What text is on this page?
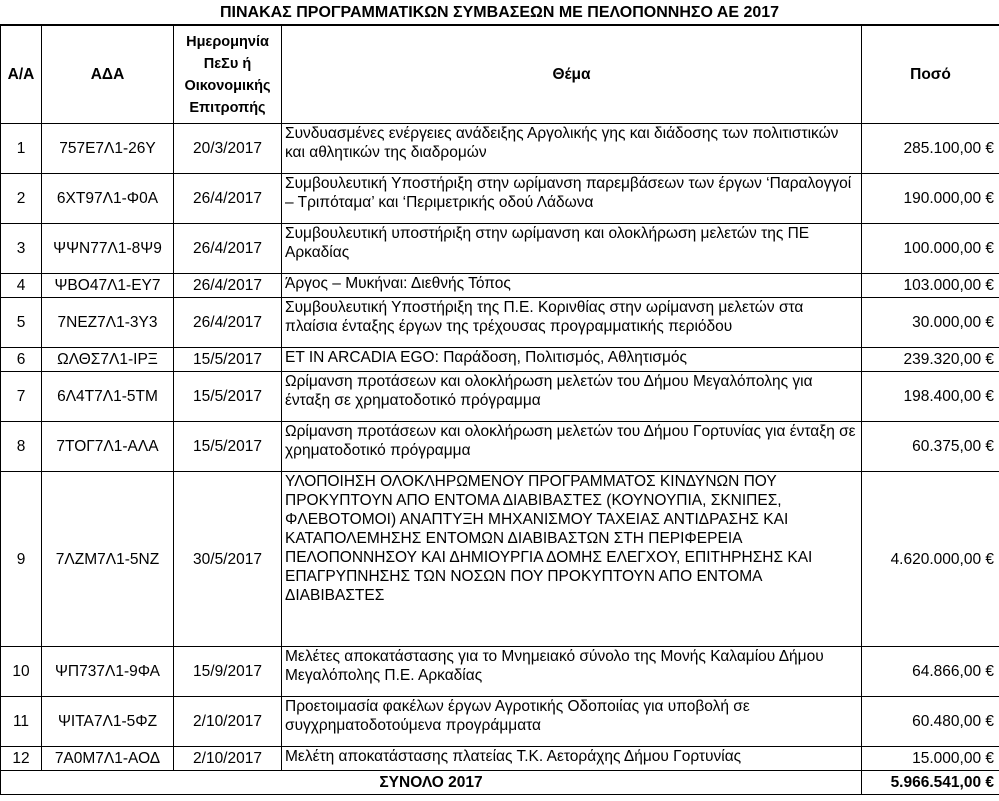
ΠΙΝΑΚΑΣ ΠΡΟΓΡΑΜΜΑΤΙΚΩΝ ΣΥΜΒΑΣΕΩΝ ΜΕ ΠΕΛΟΠΟΝΝΗΣΟ ΑΕ 2017
Α/Α	ΑΔΑ	Ημερομηνία
ΠεΣυ ή
Οικονομικής
Επιτροπής	Θέμα	Ποσό
1	757Ε7Λ1-26Υ	20/3/2017	Συνδυασμένες ενέργειες ανάδειξης Αργολικής γης και διάδοσης των πολιτιστικών και αθλητικών της διαδρομών	285.100,00 €
2	6ΧΤ97Λ1-Φ0Α	26/4/2017	Συμβουλευτική Υποστήριξη στην ωρίμανση παρεμβάσεων των έργων ‘Παραλογγοί – Τριπόταμα’ και ‘Περιμετρικής οδού Λάδωνα	190.000,00 €
3	ΨΨΝ77Λ1-8Ψ9	26/4/2017	Συμβουλευτική υποστήριξη στην ωρίμανση και ολοκλήρωση μελετών της ΠΕ Αρκαδίας	100.000,00 €
4	ΨΒΟ47Λ1-ΕΥ7	26/4/2017	Άργος – Μυκήναι: Διεθνής Τόπος	103.000,00 €
5	7ΝΕΖ7Λ1-3Υ3	26/4/2017	Συμβουλευτική Υποστήριξη της Π.Ε. Κορινθίας στην ωρίμανση μελετών στα πλαίσια ένταξης έργων της τρέχουσας προγραμματικής περιόδου	30.000,00 €
6	ΩΛΘΣ7Λ1-ΙΡΞ	15/5/2017	ET IN ARCADIA EGO: Παράδοση, Πολιτισμός, Αθλητισμός	239.320,00 €
7	6Λ4Τ7Λ1-5ΤΜ	15/5/2017	Ωρίμανση προτάσεων και ολοκλήρωση μελετών του Δήμου Μεγαλόπολης για ένταξη σε χρηματοδοτικό πρόγραμμα	198.400,00 €
8	7ΤΟΓ7Λ1-ΑΛΑ	15/5/2017	Ωρίμανση προτάσεων και ολοκλήρωση μελετών του Δήμου Γορτυνίας για ένταξη σε χρηματοδοτικό πρόγραμμα	60.375,00 €
9	7ΛΖΜ7Λ1-5ΝΖ	30/5/2017	ΥΛΟΠΟΙΗΣΗ ΟΛΟΚΛΗΡΩΜΕΝΟΥ ΠΡΟΓΡΑΜΜΑΤΟΣ ΚΙΝΔΥΝΩΝ ΠΟΥ ΠΡΟΚΥΠΤΟΥΝ ΑΠΟ ΕΝΤΟΜΑ ΔΙΑΒΙΒΑΣΤΕΣ (ΚΟΥΝΟΥΠΙΑ, ΣΚΝΙΠΕΣ, ΦΛΕΒΟΤΟΜΟΙ) ΑΝΑΠΤΥΞΗ ΜΗΧΑΝΙΣΜΟΥ ΤΑΧΕΙΑΣ ΑΝΤΙΔΡΑΣΗΣ ΚΑΙ ΚΑΤΑΠΟΛΕΜΗΣΗΣ ΕΝΤΟΜΩΝ ΔΙΑΒΙΒΑΣΤΩΝ ΣΤΗ ΠΕΡΙΦΕΡΕΙΑ ΠΕΛΟΠΟΝΝΗΣΟΥ ΚΑΙ ΔΗΜΙΟΥΡΓΙΑ ΔΟΜΗΣ ΕΛΕΓΧΟΥ, ΕΠΙΤΗΡΗΣΗΣ ΚΑΙ ΕΠΑΓΡΥΠΝΗΣΗΣ ΤΩΝ ΝΟΣΩΝ ΠΟΥ ΠΡΟΚΥΠΤΟΥΝ ΑΠΟ ΕΝΤΟΜΑ ΔΙΑΒΙΒΑΣΤΕΣ	4.620.000,00 €
10	ΨΠ737Λ1-9ΦΑ	15/9/2017	Μελέτες αποκατάστασης για το Μνημειακό σύνολο της Μονής Καλαμίου Δήμου Μεγαλόπολης Π.Ε. Αρκαδίας	64.866,00 €
11	ΨΙΤΑ7Λ1-5ΦΖ	2/10/2017	Προετοιμασία φακέλων έργων Αγροτικής Οδοποιίας για υποβολή σε συγχρηματοδοτούμενα προγράμματα	60.480,00 €
12	7Α0Μ7Λ1-ΑΟΔ	2/10/2017	Μελέτη αποκατάστασης πλατείας Τ.Κ. Αετοράχης Δήμου Γορτυνίας	15.000,00 €
ΣΥΝΟΛΟ 2017				5.966.541,00 €
